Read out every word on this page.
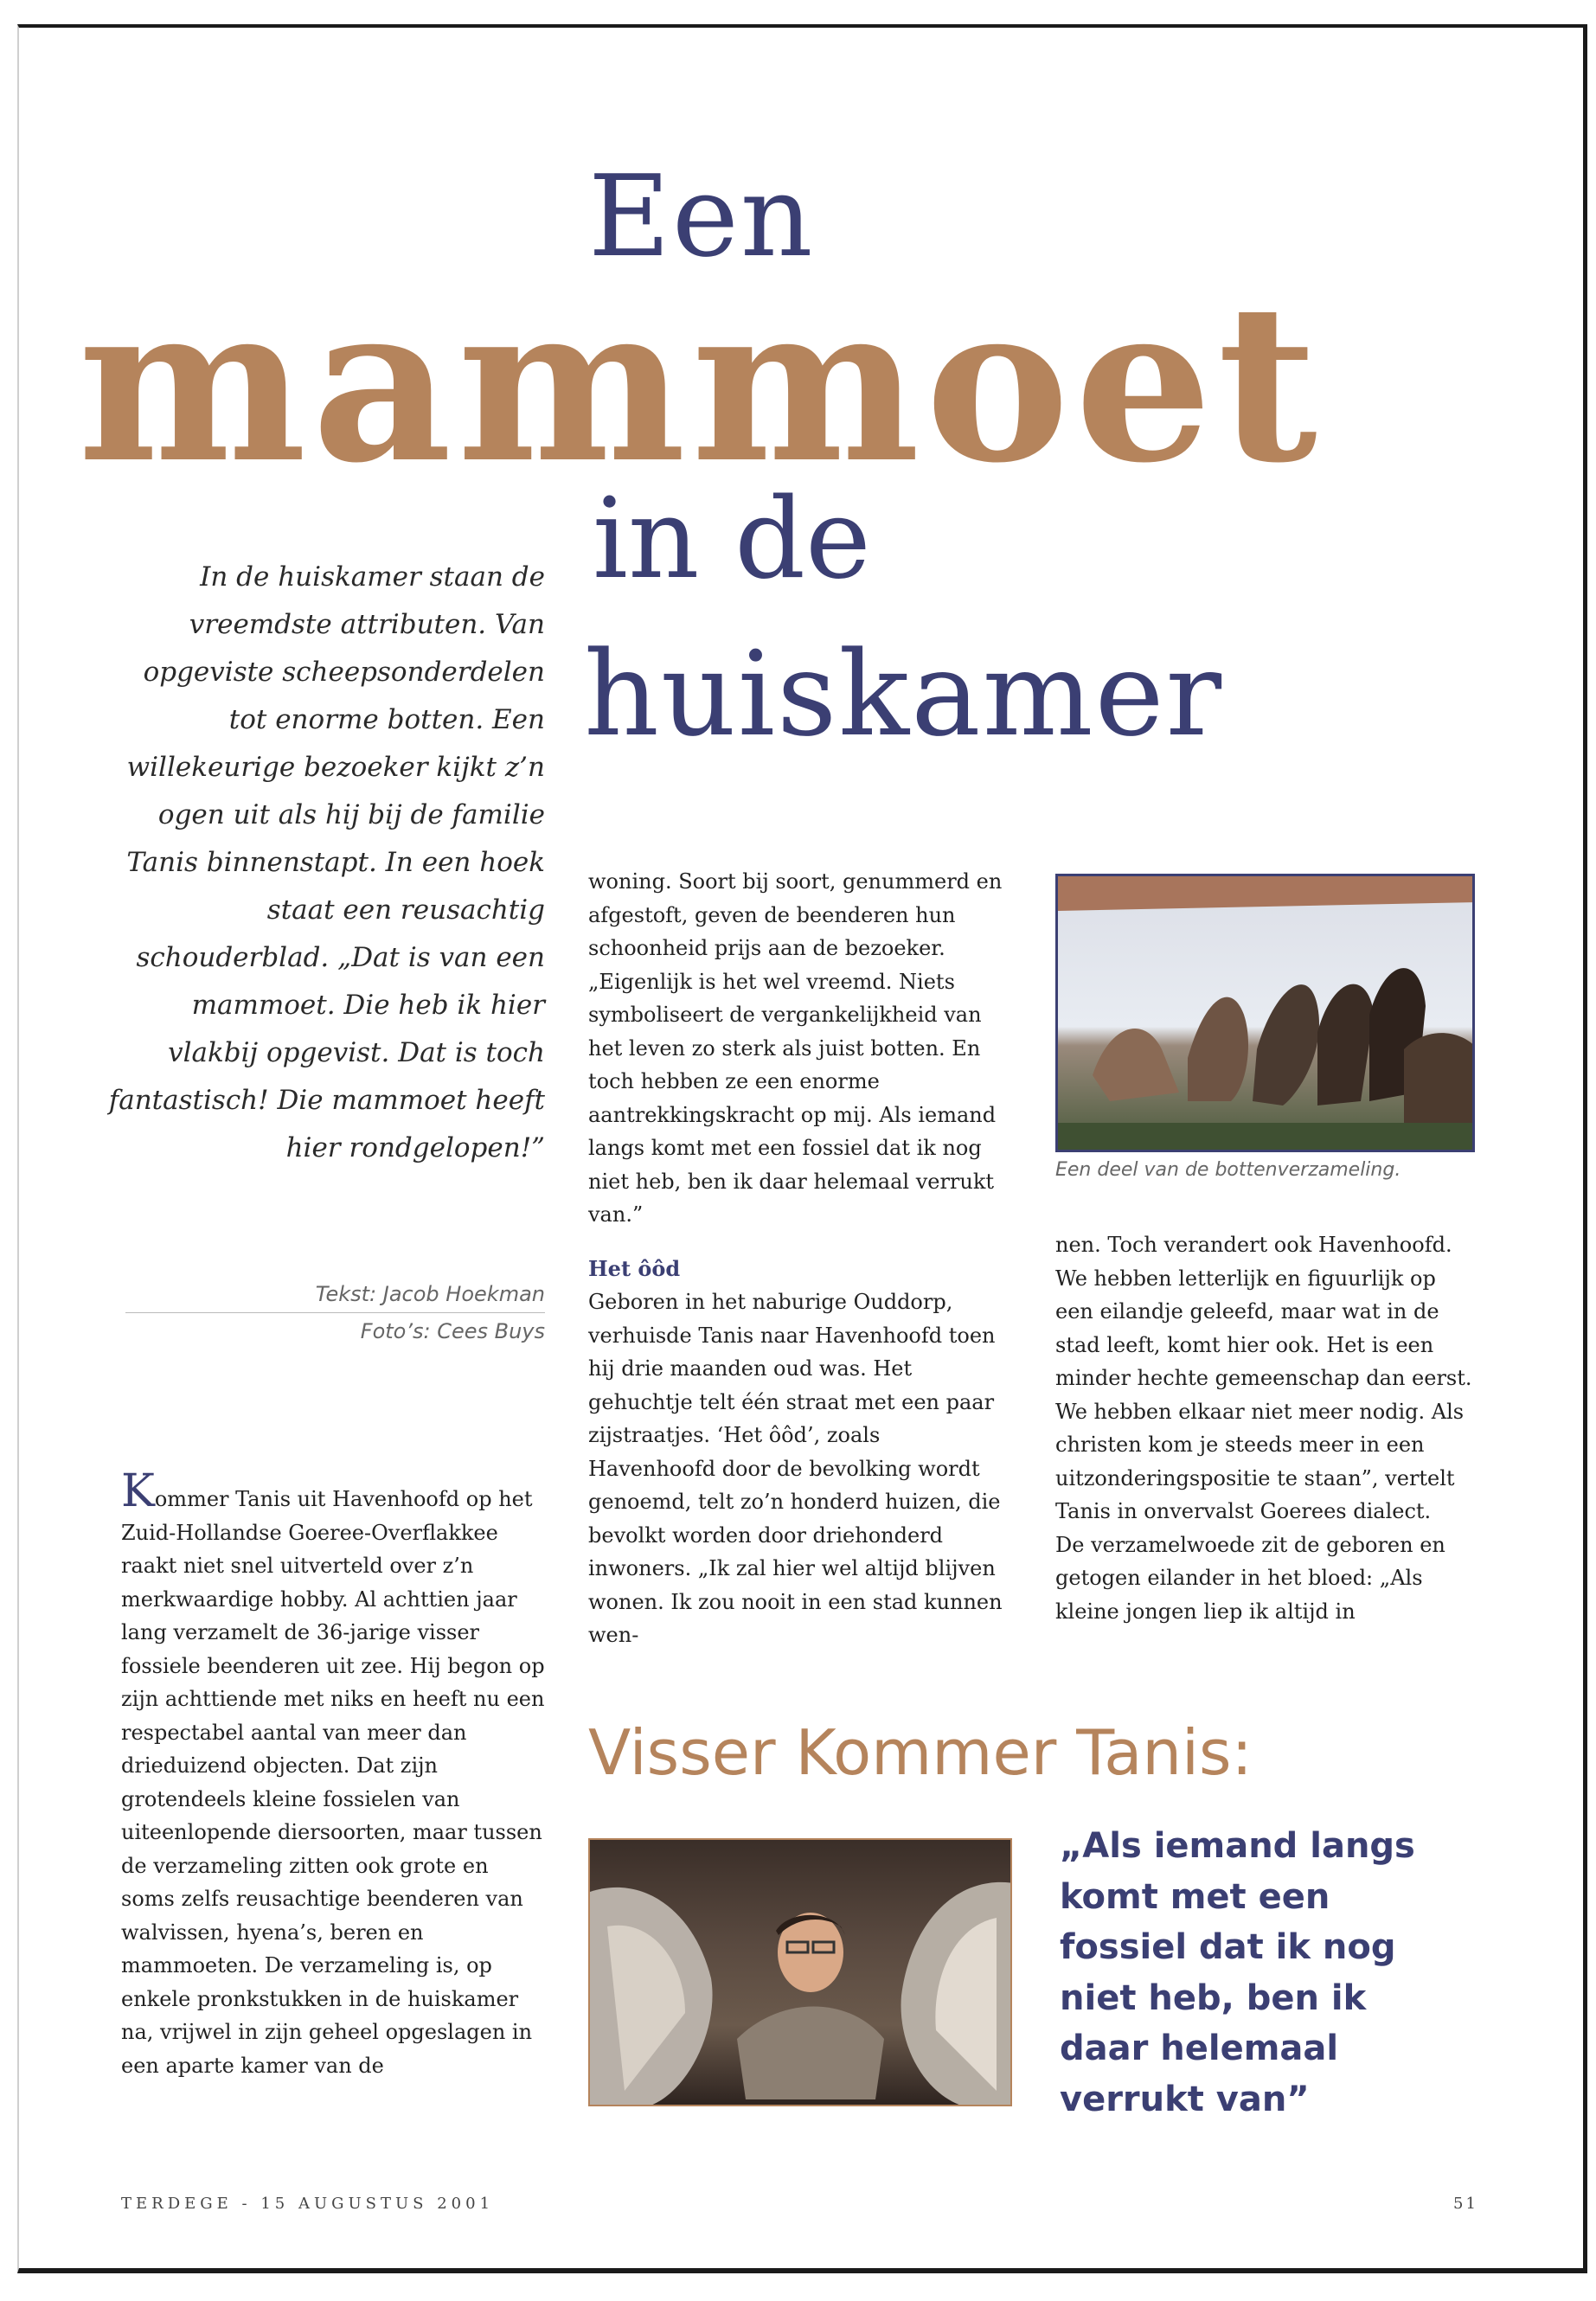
Een
mammoet
in de
huiskamer
In de huiskamer staan de vreemdste attributen. Van opgeviste scheepsonderdelen tot enorme botten. Een willekeurige bezoeker kijkt z’n ogen uit als hij bij de familie Tanis binnenstapt. In een hoek staat een reusachtig schouderblad. „Dat is van een mammoet. Die heb ik hier vlakbij opgevist. Dat is toch fantastisch! Die mammoet heeft hier rondgelopen!”
Tekst: Jacob Hoekman
Foto’s: Cees Buys

Kommer Tanis uit Havenhoofd op het Zuid-Hollandse Goeree-Overflakkee raakt niet snel uitverteld over z’n merkwaardige hobby. Al achttien jaar lang verzamelt de 36-jarige visser fossiele beenderen uit zee. Hij begon op zijn achttiende met niks en heeft nu een respectabel aantal van meer dan drieduizend objecten. Dat zijn grotendeels kleine fossielen van uiteenlopende diersoorten, maar tussen de verzameling zitten ook grote en soms zelfs reusachtige beenderen van walvissen, hyena’s, beren en mammoeten. De verzameling is, op enkele pronkstukken in de huiskamer na, vrijwel in zijn geheel opgeslagen in een aparte kamer van de

woning. Soort bij soort, genummerd en afgestoft, geven de beenderen hun schoonheid prijs aan de bezoeker. „Eigenlijk is het wel vreemd. Niets symboliseert de vergankelijkheid van het leven zo sterk als juist botten. En toch hebben ze een enorme aantrekkingskracht op mij. Als iemand langs komt met een fossiel dat ik nog niet heb, ben ik daar helemaal verrukt van.”

Het ôôd

Geboren in het naburige Ouddorp, verhuisde Tanis naar Havenhoofd toen hij drie maanden oud was. Het gehuchtje telt één straat met een paar zijstraatjes. ‘Het ôôd’, zoals Havenhoofd door de bevolking wordt genoemd, telt zo’n honderd huizen, die bevolkt worden door driehonderd inwoners. „Ik zal hier wel altijd blijven wonen. Ik zou nooit in een stad kunnen wen-

Een deel van de bottenverzameling.

nen. Toch verandert ook Havenhoofd. We hebben letterlijk en figuurlijk op een eilandje geleefd, maar wat in de stad leeft, komt hier ook. Het is een minder hechte gemeenschap dan eerst. We hebben elkaar niet meer nodig. Als christen kom je steeds meer in een uitzonderingspositie te staan”, vertelt Tanis in onvervalst Goerees dialect.

De verzamelwoede zit de geboren en getogen eilander in het bloed: „Als kleine jongen liep ik altijd in

Visser Kommer Tanis:
„Als iemand langs komt met een fossiel dat ik nog niet heb, ben ik daar helemaal verrukt van”
TERDEGE - 15 AUGUSTUS 2001	51
